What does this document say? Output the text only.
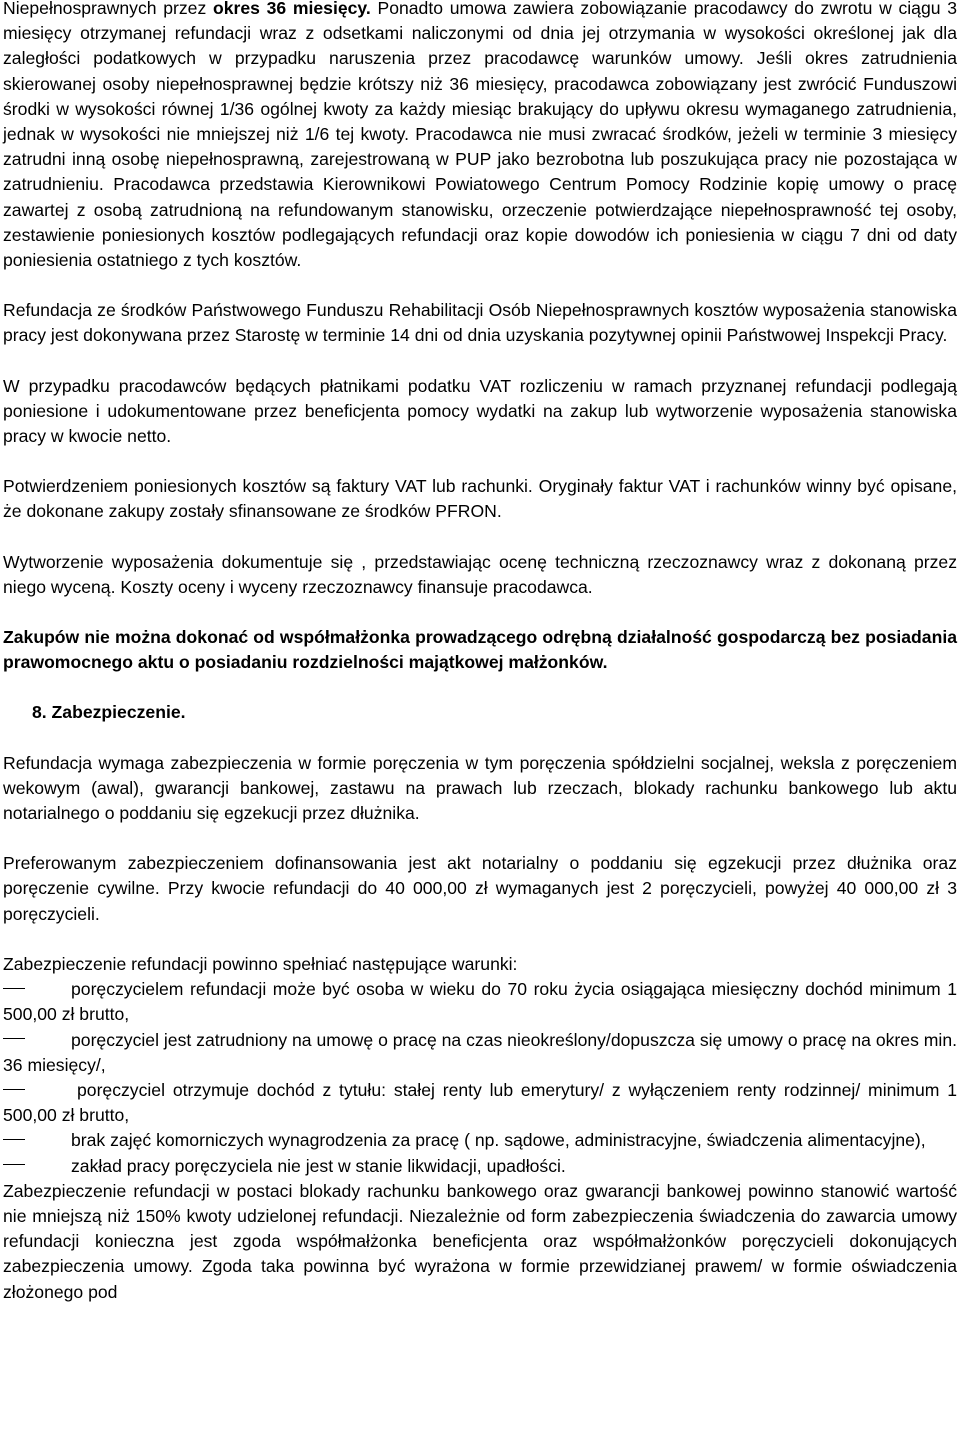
Niepełnosprawnych przez okres 36 miesięcy. Ponadto umowa zawiera zobowiązanie pracodawcy do zwrotu w ciągu 3 miesięcy otrzymanej refundacji wraz z odsetkami naliczonymi od dnia jej otrzymania w wysokości określonej jak dla zaległości podatkowych w przypadku naruszenia przez pracodawcę warunków umowy. Jeśli okres zatrudnienia skierowanej osoby niepełnosprawnej będzie krótszy niż 36 miesięcy, pracodawca zobowiązany jest zwrócić Funduszowi środki w wysokości równej 1/36 ogólnej kwoty za każdy miesiąc brakujący do upływu okresu wymaganego zatrudnienia, jednak w wysokości nie mniejszej niż 1/6 tej kwoty. Pracodawca nie musi zwracać środków, jeżeli w terminie 3 miesięcy zatrudni inną osobę niepełnosprawną, zarejestrowaną w PUP jako bezrobotna lub poszukująca pracy nie pozostająca w zatrudnieniu. Pracodawca przedstawia Kierownikowi Powiatowego Centrum Pomocy Rodzinie kopię umowy o pracę zawartej z osobą zatrudnioną na refundowanym stanowisku, orzeczenie potwierdzające niepełnosprawność tej osoby, zestawienie poniesionych kosztów podlegających refundacji oraz kopie dowodów ich poniesienia w ciągu 7 dni od daty poniesienia ostatniego z tych kosztów.

Refundacja ze środków Państwowego Funduszu Rehabilitacji Osób Niepełnosprawnych kosztów wyposażenia stanowiska pracy jest dokonywana przez Starostę w terminie 14 dni od dnia uzyskania pozytywnej opinii Państwowej Inspekcji Pracy.

W przypadku pracodawców będących płatnikami podatku VAT rozliczeniu w ramach przyznanej refundacji podlegają poniesione i udokumentowane przez beneficjenta pomocy wydatki na zakup lub wytworzenie wyposażenia stanowiska pracy w kwocie netto.

Potwierdzeniem poniesionych kosztów są faktury VAT lub rachunki. Oryginały faktur VAT i rachunków winny być opisane, że dokonane zakupy zostały sfinansowane ze środków PFRON.

Wytworzenie wyposażenia dokumentuje się , przedstawiając ocenę techniczną rzeczoznawcy wraz z dokonaną przez niego wyceną. Koszty oceny i wyceny rzeczoznawcy finansuje pracodawca.

Zakupów nie można dokonać od współmałżonka prowadzącego odrębną działalność gospodarczą bez posiadania prawomocnego aktu o posiadaniu rozdzielności majątkowej małżonków.

8. Zabezpieczenie.

Refundacja wymaga zabezpieczenia w formie poręczenia w tym poręczenia spółdzielni socjalnej, weksla z poręczeniem wekowym (awal), gwarancji bankowej, zastawu na prawach lub rzeczach, blokady rachunku bankowego lub aktu notarialnego o poddaniu się egzekucji przez dłużnika.

Preferowanym zabezpieczeniem dofinansowania jest akt notarialny o poddaniu się egzekucji przez dłużnika oraz poręczenie cywilne. Przy kwocie refundacji do 40 000,00 zł wymaganych jest 2 poręczycieli, powyżej 40 000,00 zł 3 poręczycieli.

Zabezpieczenie refundacji powinno spełniać następujące warunki:

poręczycielem refundacji może być osoba w wieku do 70 roku życia osiągająca miesięczny dochód minimum 1 500,00 zł brutto,

poręczyciel jest zatrudniony na umowę o pracę na czas nieokreślony/dopuszcza się umowy o pracę na okres min. 36 miesięcy/,

poręczyciel otrzymuje dochód z tytułu: stałej renty lub emerytury/ z wyłączeniem renty rodzinnej/ minimum 1 500,00 zł brutto,

brak zajęć komorniczych wynagrodzenia za pracę ( np. sądowe, administracyjne, świadczenia alimentacyjne),

zakład pracy poręczyciela nie jest w stanie likwidacji, upadłości.

Zabezpieczenie refundacji w postaci blokady rachunku bankowego oraz gwarancji bankowej powinno stanowić wartość nie mniejszą niż 150% kwoty udzielonej refundacji. Niezależnie od form zabezpieczenia świadczenia do zawarcia umowy refundacji konieczna jest zgoda współmałżonka beneficjenta oraz współmałżonków poręczycieli dokonujących zabezpieczenia umowy. Zgoda taka powinna być wyrażona w formie przewidzianej prawem/ w formie oświadczenia złożonego pod
